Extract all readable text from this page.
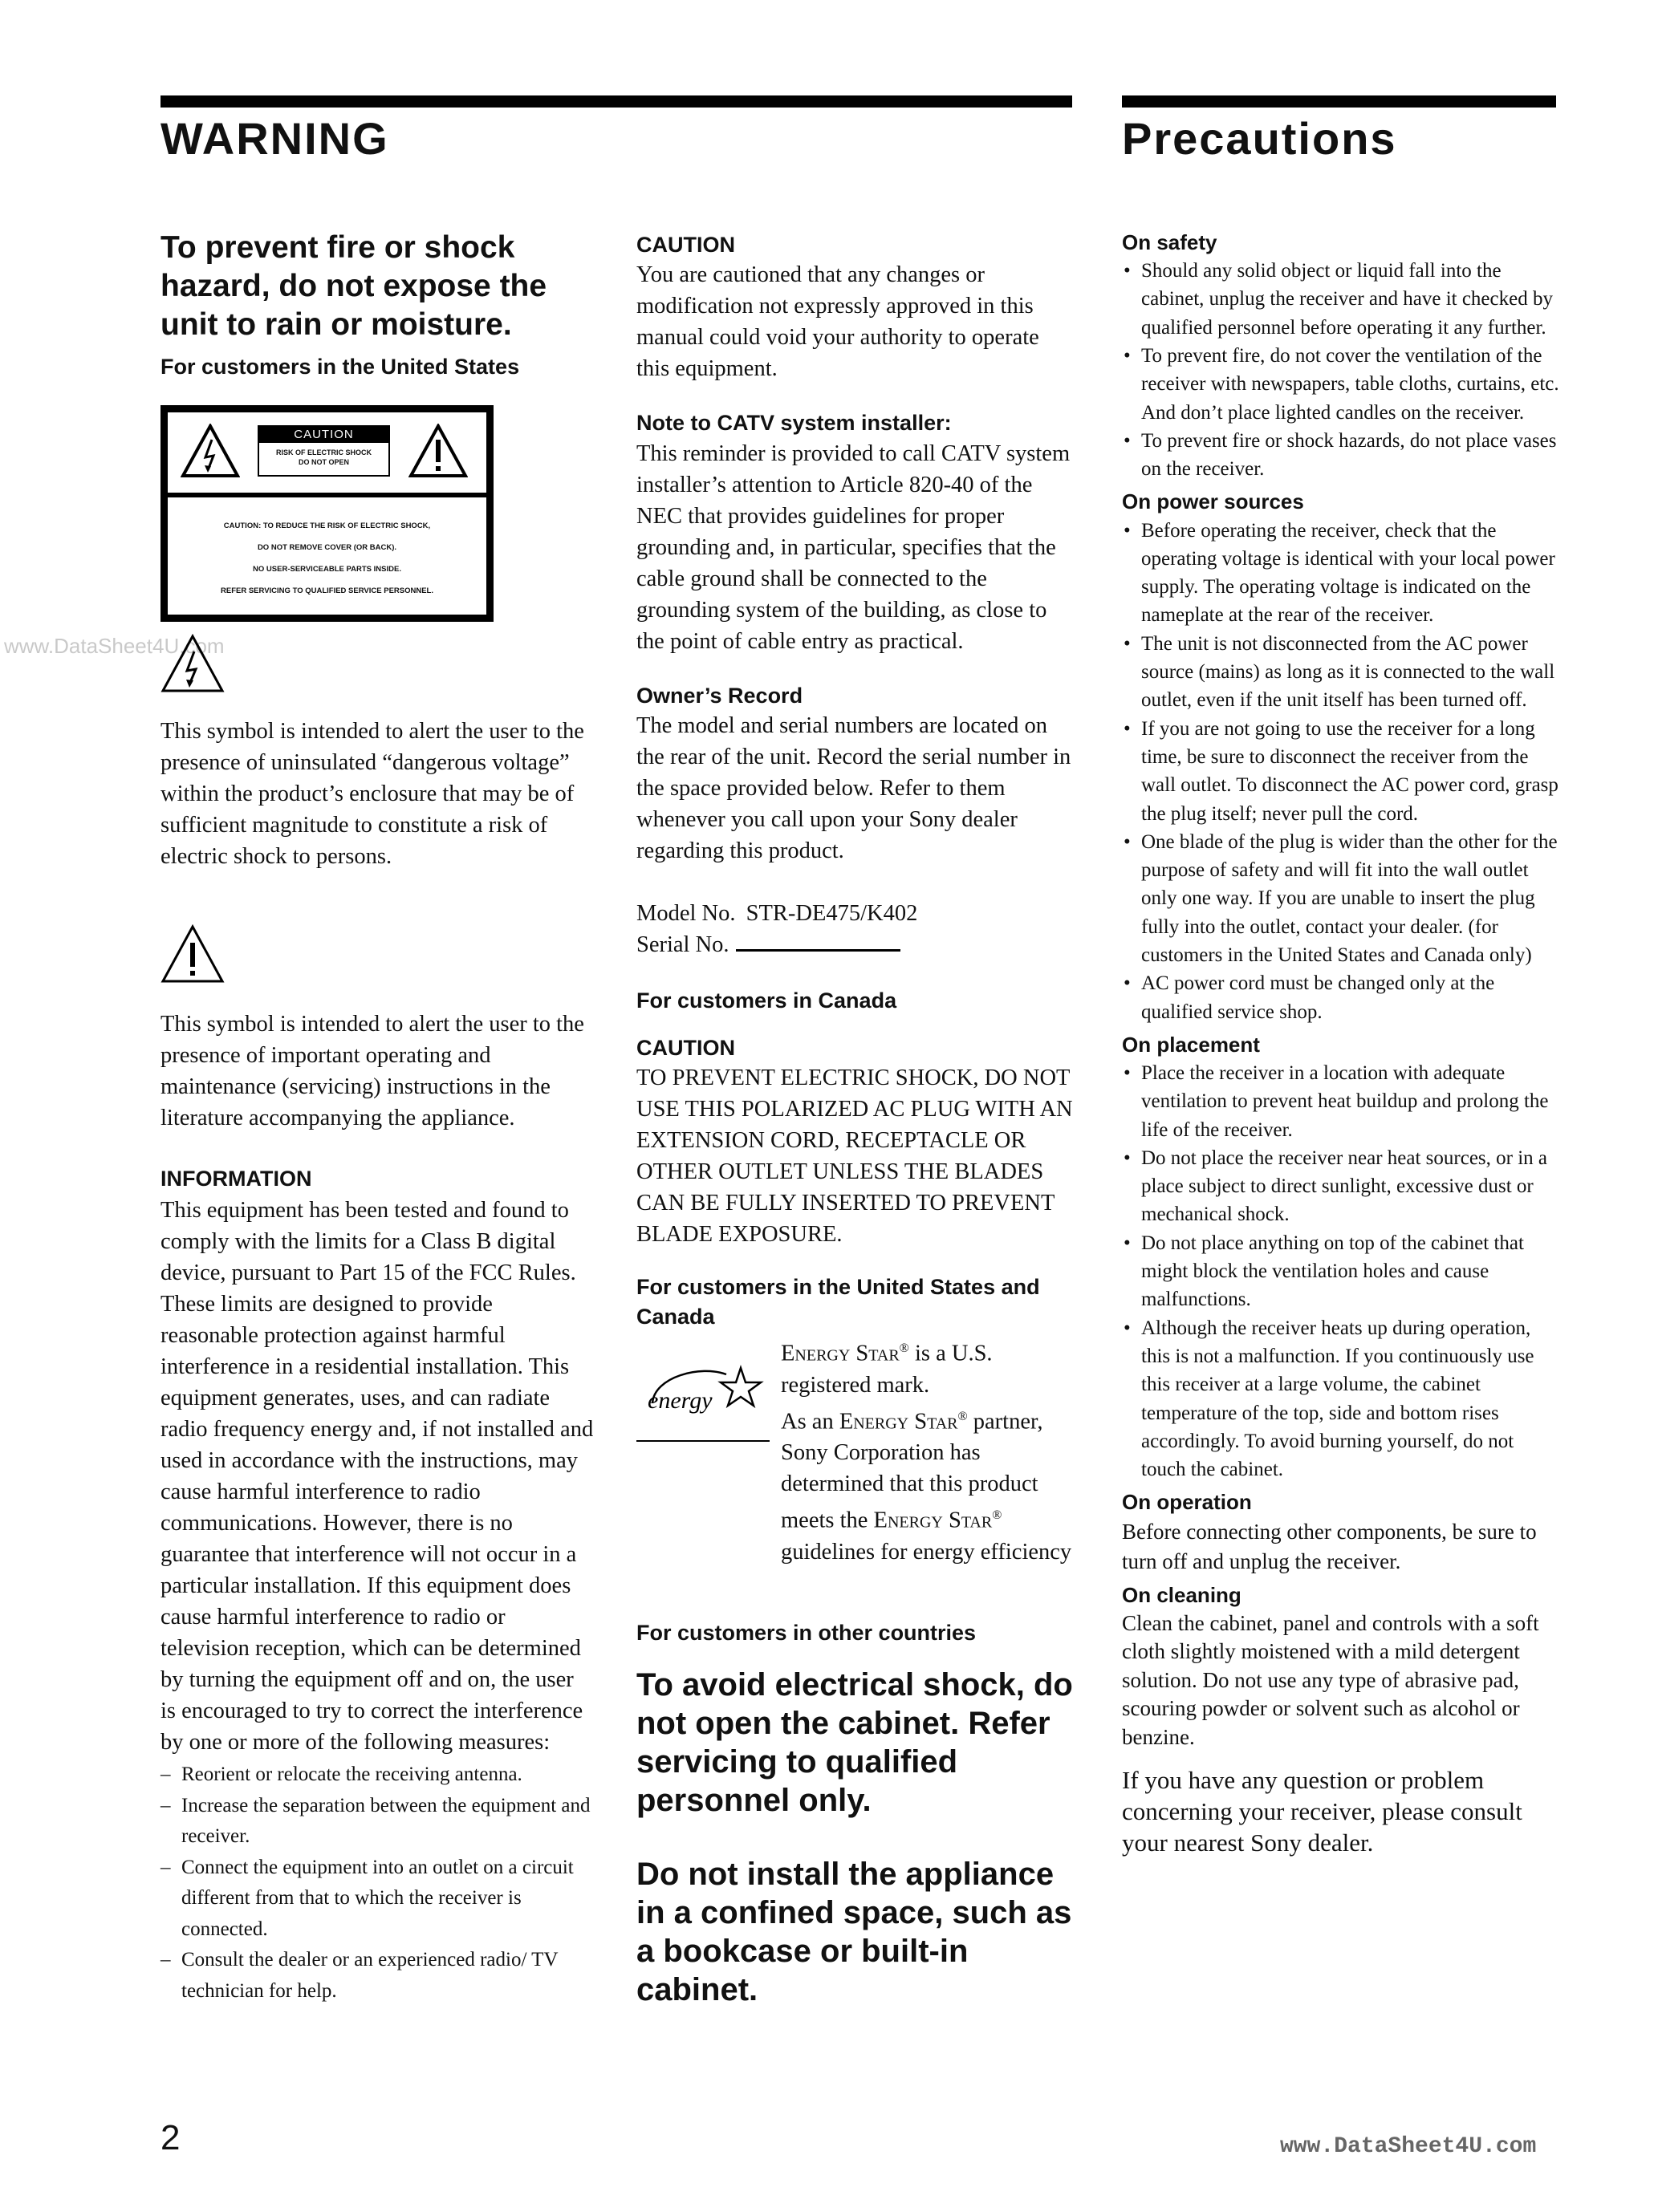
WARNING	Precautions
www.DataSheet4U.com

To prevent fire or shock hazard, do not expose the unit to rain or moisture.

For customers in the United States

CAUTION
RISK OF ELECTRIC SHOCK
DO NOT OPEN
CAUTION: TO REDUCE THE RISK OF ELECTRIC SHOCK,
DO NOT REMOVE COVER (OR BACK).
NO USER-SERVICEABLE PARTS INSIDE.
REFER SERVICING TO QUALIFIED SERVICE PERSONNEL.

This symbol is intended to alert the user to the presence of uninsulated “dangerous voltage” within the product’s enclosure that may be of sufficient magnitude to constitute a risk of electric shock to persons.

This symbol is intended to alert the user to the presence of important operating and maintenance (servicing) instructions in the literature accompanying the appliance.

INFORMATION

This equipment has been tested and found to comply with the limits for a Class B digital device, pursuant to Part 15 of the FCC Rules.

These limits are designed to provide reasonable protection against harmful interference in a residential installation. This equipment generates, uses, and can radiate radio frequency energy and, if not installed and used in accordance with the instructions, may cause harmful interference to radio communications. However, there is no guarantee that interference will not occur in a particular installation. If this equipment does cause harmful interference to radio or television reception, which can be determined by turning the equipment off and on, the user is encouraged to try to correct the interference by one or more of the following measures:

– Reorient or relocate the receiving antenna.
– Increase the separation between the equipment and receiver.
– Connect the equipment into an outlet on a circuit different from that to which the receiver is connected.
– Consult the dealer or an experienced radio/ TV technician for help.

CAUTION

You are cautioned that any changes or modification not expressly approved in this manual could void your authority to operate this equipment.

Note to CATV system installer:

This reminder is provided to call CATV system installer’s attention to Article 820-40 of the NEC that provides guidelines for proper grounding and, in particular, specifies that the cable ground shall be connected to the grounding system of the building, as close to the point of cable entry as practical.

Owner’s Record

The model and serial numbers are located on the rear of the unit. Record the serial number in the space provided below. Refer to them whenever you call upon your Sony dealer regarding this product.

Model No. STR-DE475/K402

Serial No.

For customers in Canada

CAUTION

TO PREVENT ELECTRIC SHOCK, DO NOT USE THIS POLARIZED AC PLUG WITH AN EXTENSION CORD, RECEPTACLE OR OTHER OUTLET UNLESS THE BLADES CAN BE FULLY INSERTED TO PREVENT BLADE EXPOSURE.

For customers in the United States and Canada

energy

Energy Star® is a U.S. registered mark.
As an Energy Star® partner, Sony Corporation has determined that this product meets the Energy Star® guidelines for energy efficiency

For customers in other countries

To avoid electrical shock, do not open the cabinet. Refer servicing to qualified personnel only.

Do not install the appliance in a confined space, such as a bookcase or built-in cabinet.

On safety

• Should any solid object or liquid fall into the cabinet, unplug the receiver and have it checked by qualified personnel before operating it any further.
• To prevent fire, do not cover the ventilation of the receiver with newspapers, table cloths, curtains, etc. And don’t place lighted candles on the receiver.
• To prevent fire or shock hazards, do not place vases on the receiver.

On power sources

• Before operating the receiver, check that the operating voltage is identical with your local power supply. The operating voltage is indicated on the nameplate at the rear of the receiver.
• The unit is not disconnected from the AC power source (mains) as long as it is connected to the wall outlet, even if the unit itself has been turned off.
• If you are not going to use the receiver for a long time, be sure to disconnect the receiver from the wall outlet. To disconnect the AC power cord, grasp the plug itself; never pull the cord.
• One blade of the plug is wider than the other for the purpose of safety and will fit into the wall outlet only one way. If you are unable to insert the plug fully into the outlet, contact your dealer. (for customers in the United States and Canada only)
• AC power cord must be changed only at the qualified service shop.

On placement

• Place the receiver in a location with adequate ventilation to prevent heat buildup and prolong the life of the receiver.
• Do not place the receiver near heat sources, or in a place subject to direct sunlight, excessive dust or mechanical shock.
• Do not place anything on top of the cabinet that might block the ventilation holes and cause malfunctions.
• Although the receiver heats up during operation, this is not a malfunction. If you continuously use this receiver at a large volume, the cabinet temperature of the top, side and bottom rises accordingly. To avoid burning yourself, do not touch the cabinet.

On operation

Before connecting other components, be sure to turn off and unplug the receiver.

On cleaning

Clean the cabinet, panel and controls with a soft cloth slightly moistened with a mild detergent solution. Do not use any type of abrasive pad, scouring powder or solvent such as alcohol or benzine.

If you have any question or problem concerning your receiver, please consult your nearest Sony dealer.

2	www.DataSheet4U.com
